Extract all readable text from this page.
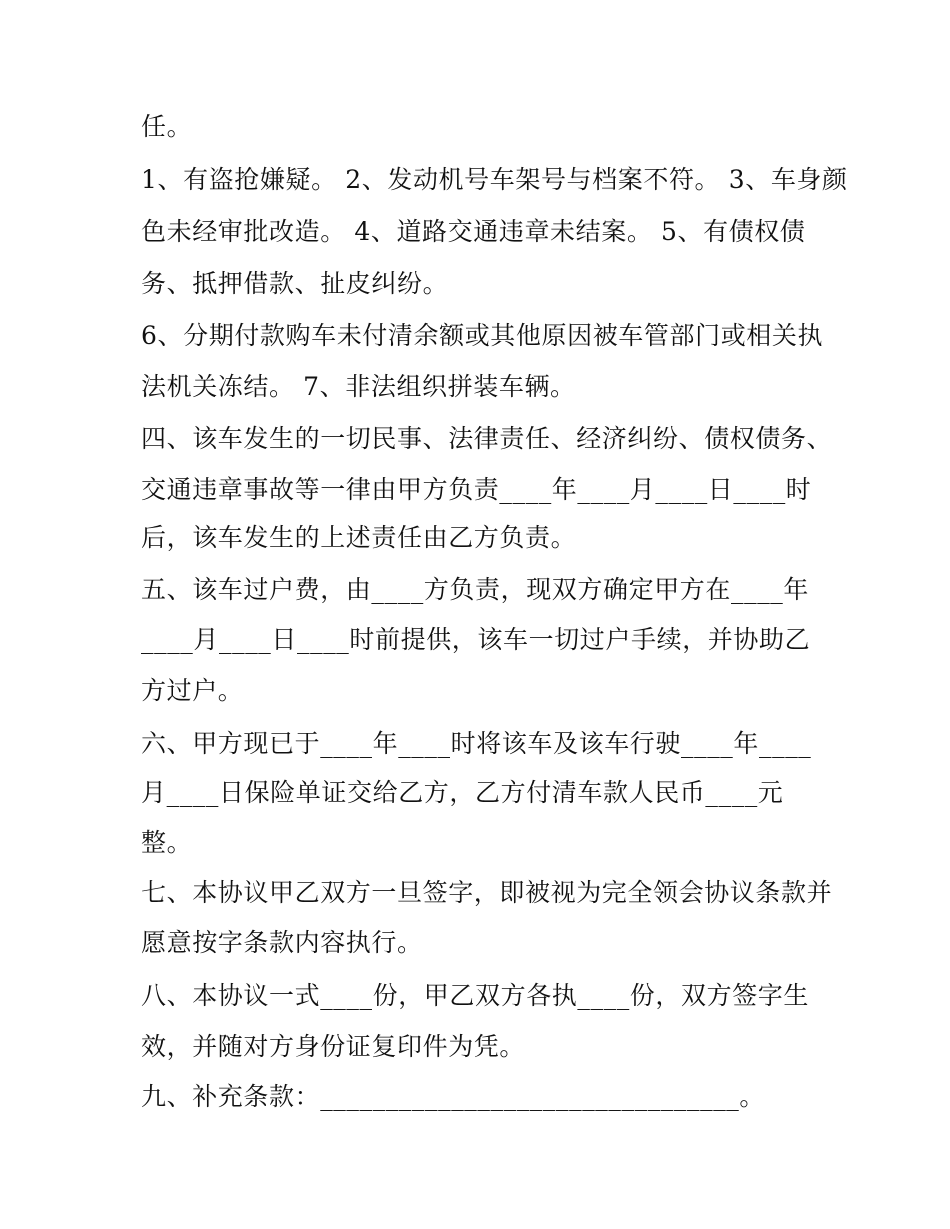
任。
1、有盗抢嫌疑。 2、发动机号车架号与档案不符。 3、车身颜
色未经审批改造。 4、道路交通违章未结案。 5、有债权债
务、抵押借款、扯皮纠纷。
6、分期付款购车未付清余额或其他原因被车管部门或相关执
法机关冻结。 7、非法组织拼装车辆。
四、该车发生的一切民事、法律责任、经济纠纷、债权债务、
交通违章事故等一律由甲方负责____年____月____日____时
后，该车发生的上述责任由乙方负责。
五、该车过户费，由____方负责，现双方确定甲方在____年
____月____日____时前提供，该车一切过户手续，并协助乙
方过户。
六、甲方现已于____年____时将该车及该车行驶____年____
月____日保险单证交给乙方，乙方付清车款人民币____元
整。
七、本协议甲乙双方一旦签字，即被视为完全领会协议条款并
愿意按字条款内容执行。
八、本协议一式____份，甲乙双方各执____份，双方签字生
效，并随对方身份证复印件为凭。
九、补充条款：________________________________。
